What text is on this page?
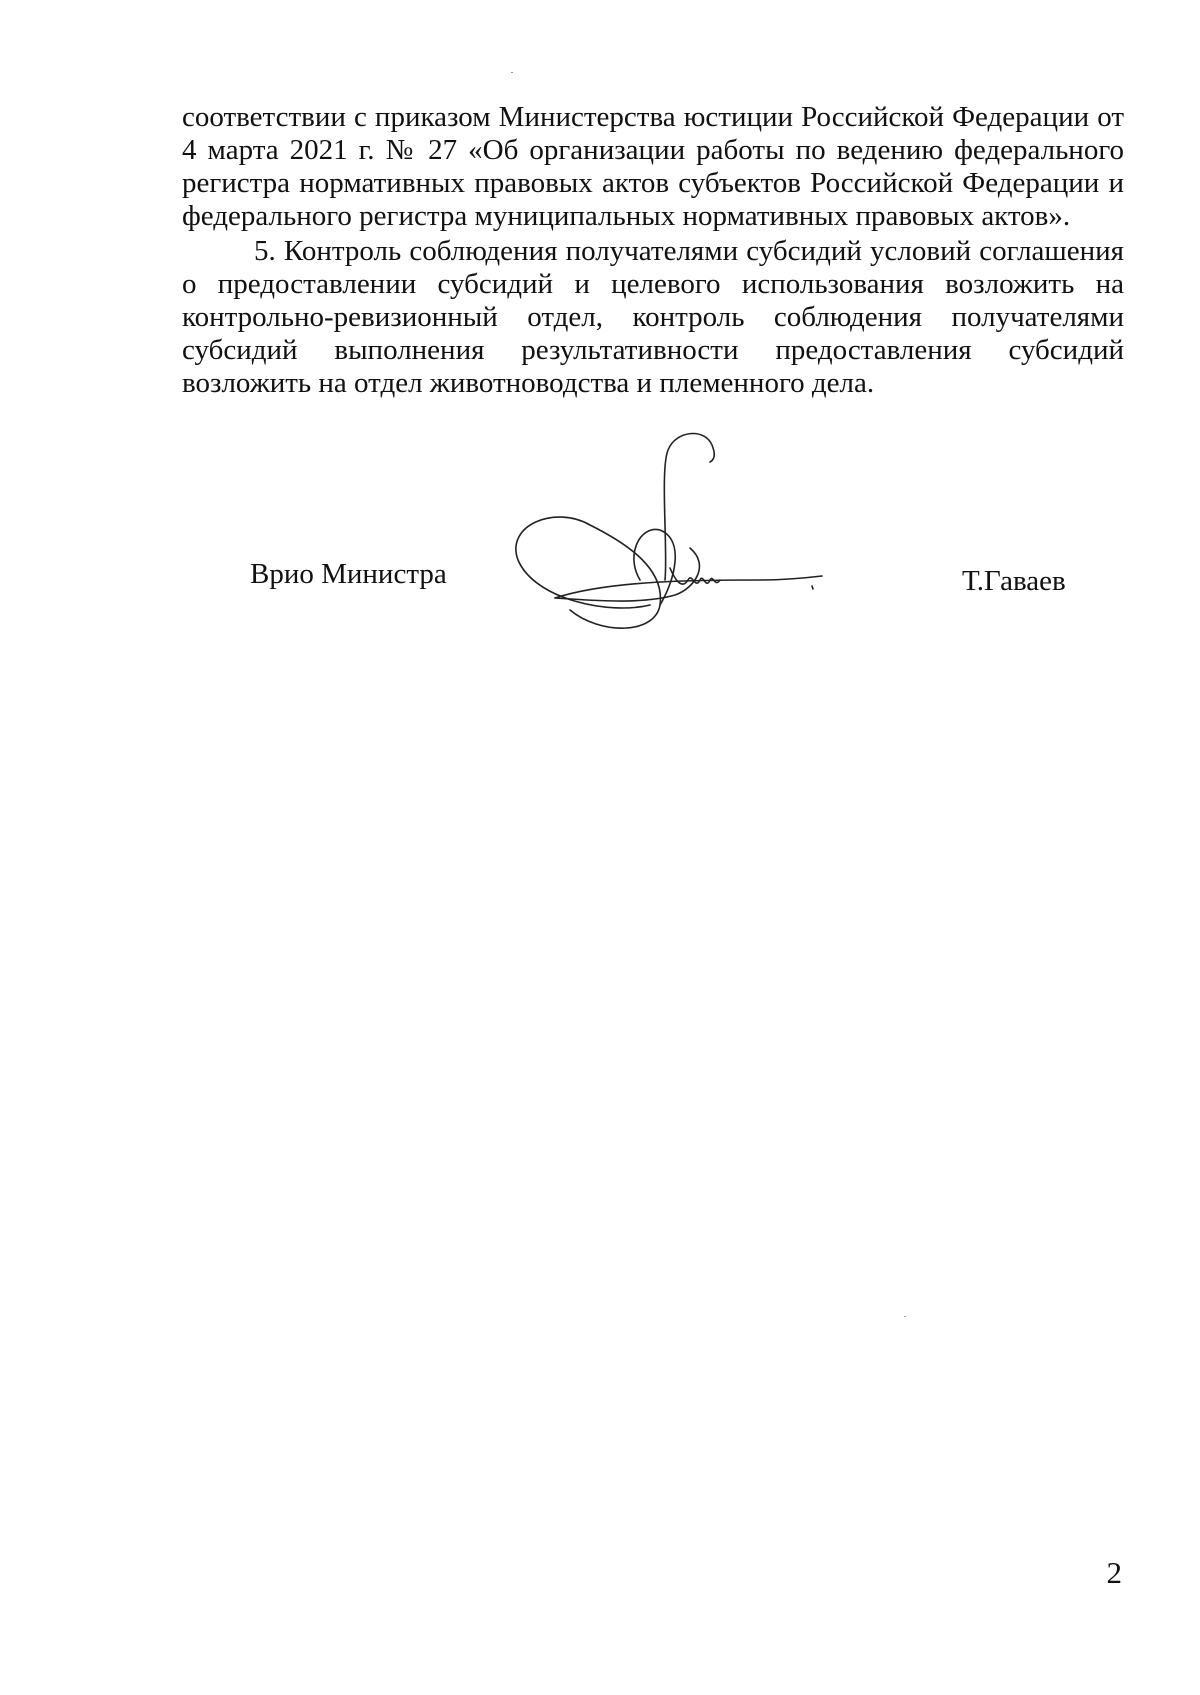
соответствии с приказом Министерства юстиции Российской Федерации от 4 марта 2021 г. № 27 «Об организации работы по ведению федерального регистра нормативных правовых актов субъектов Российской Федерации и федерального регистра муниципальных нормативных правовых актов».

5. Контроль соблюдения получателями субсидий условий соглашения о предоставлении субсидий и целевого использования возложить на контрольно-ревизионный отдел, контроль соблюдения получателями субсидий выполнения результативности предоставления субсидий возложить на отдел животноводства и племенного дела.

Врио Министра	Т.Гаваев
2
